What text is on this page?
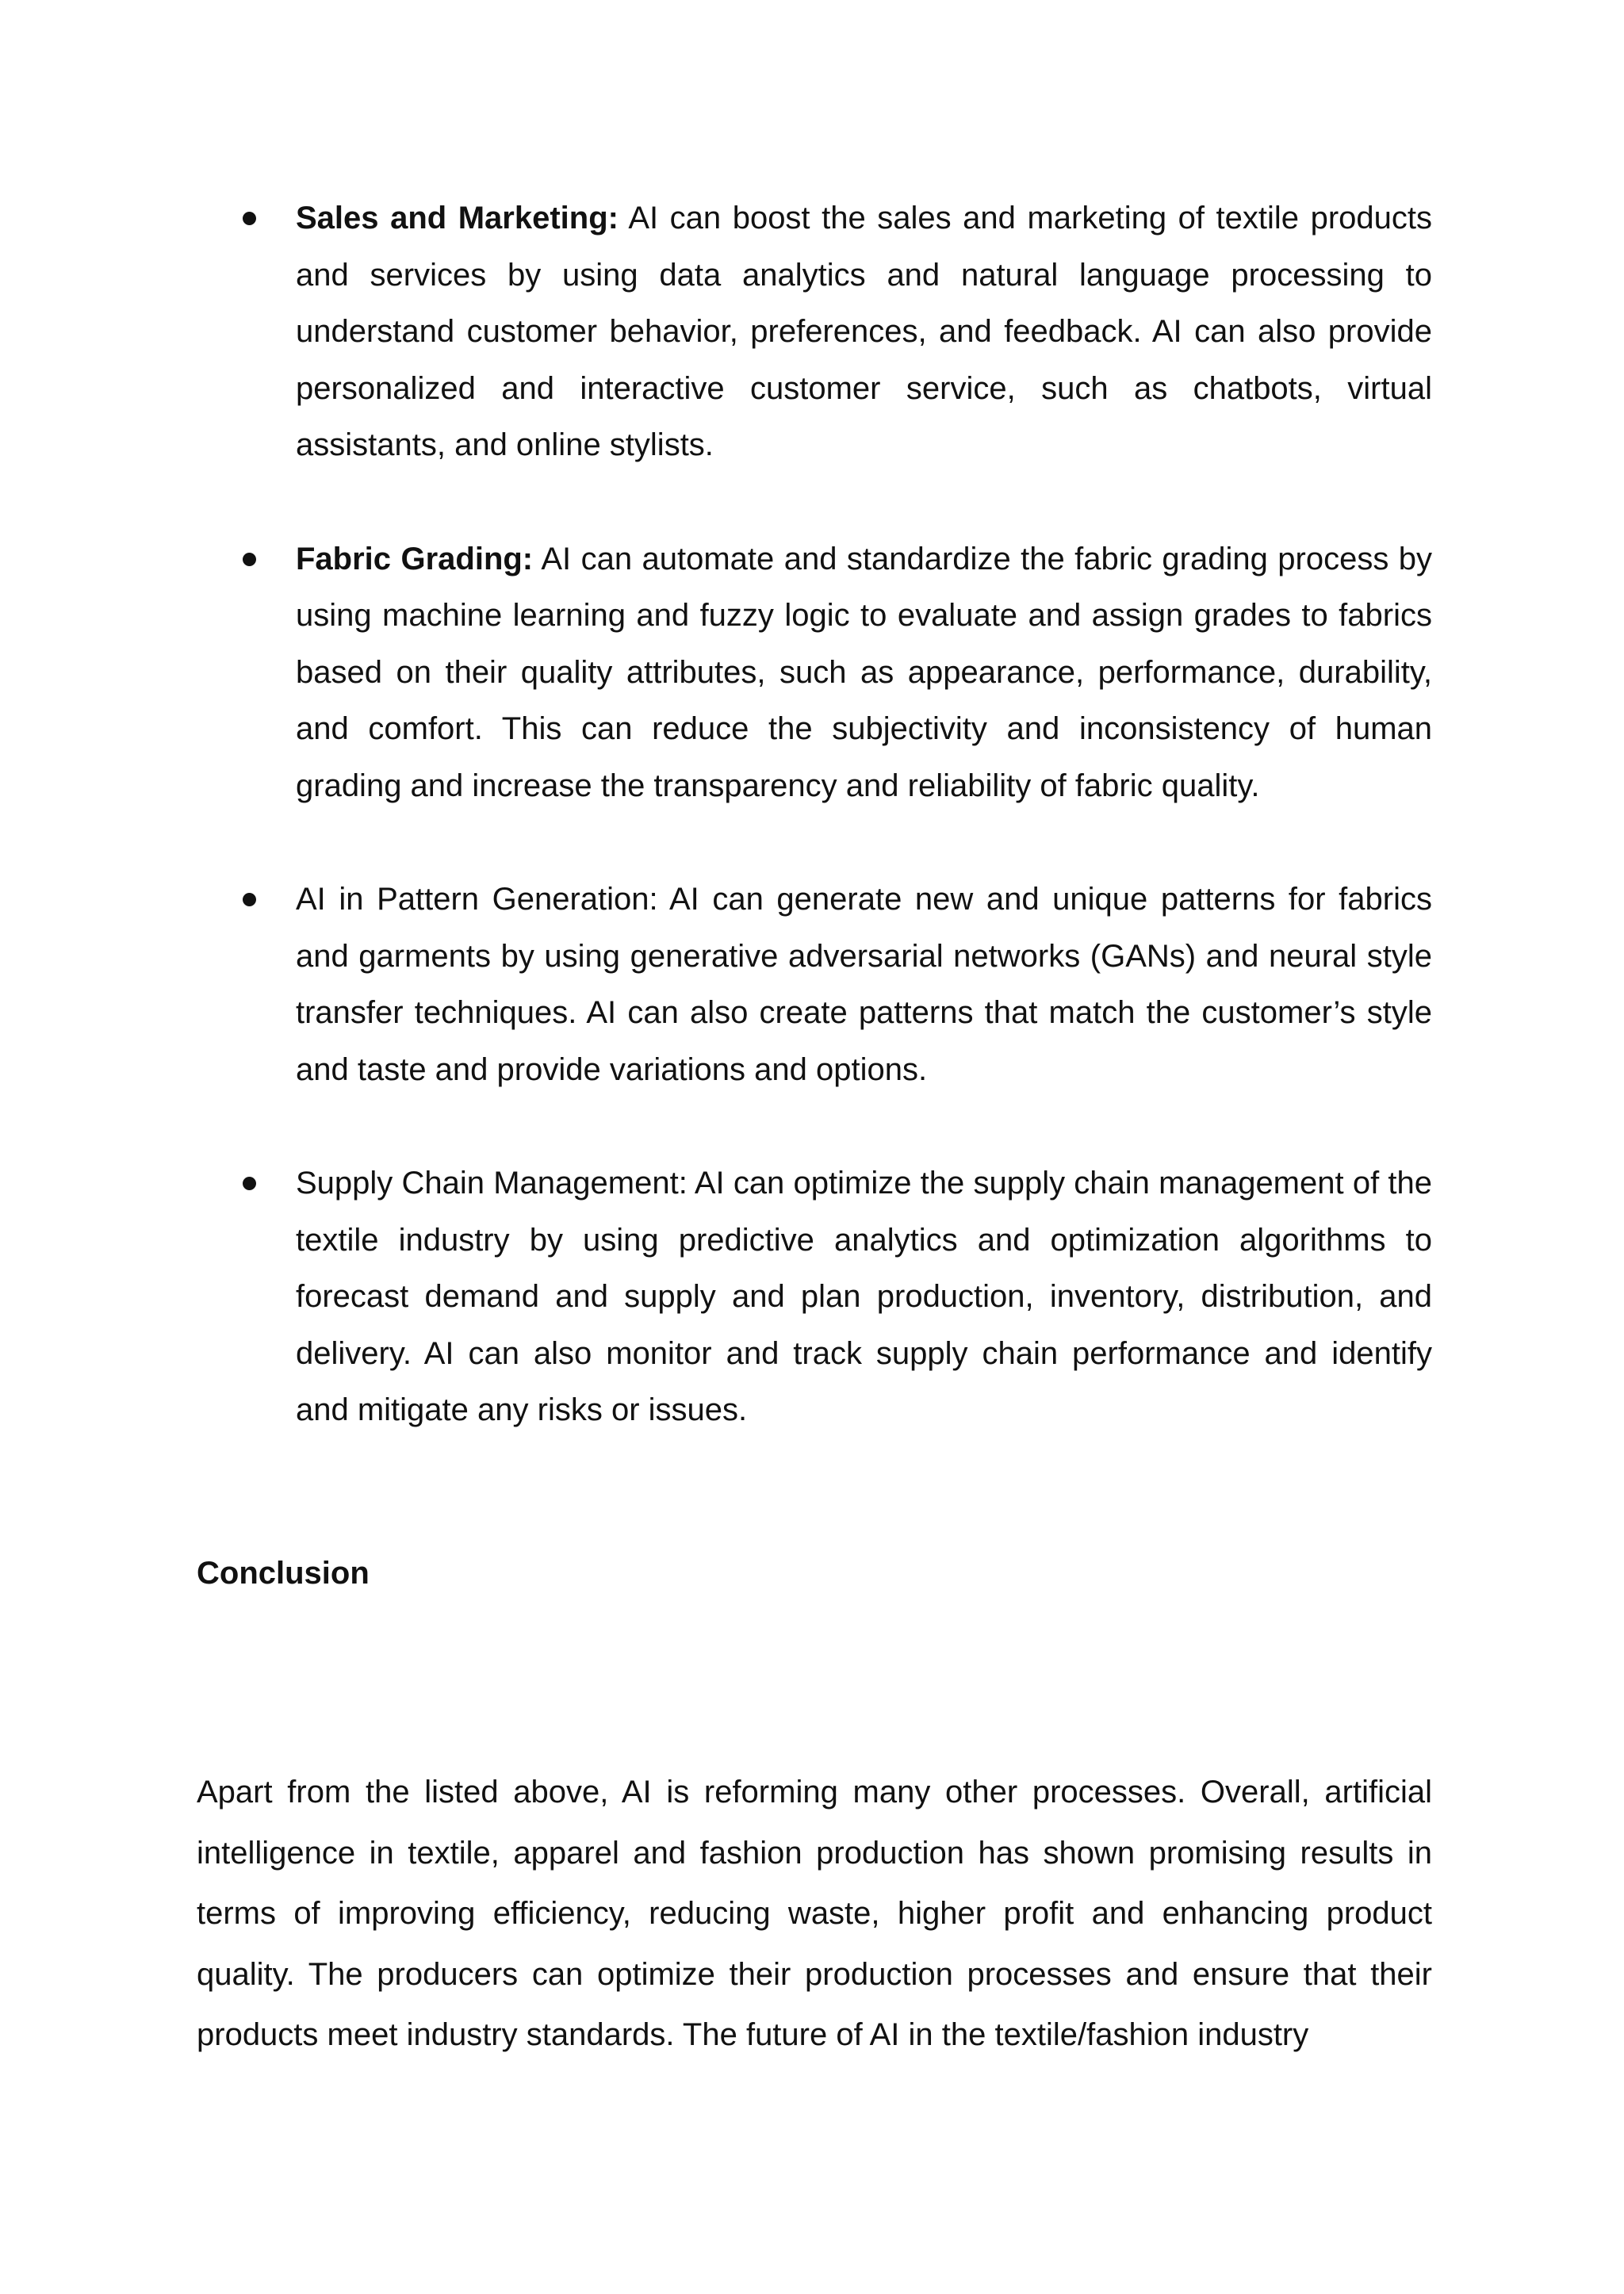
Sales and Marketing: AI can boost the sales and marketing of textile products and services by using data analytics and natural language processing to understand customer behavior, preferences, and feedback. AI can also provide personalized and interactive customer service, such as chatbots, virtual assistants, and online stylists.
Fabric Grading: AI can automate and standardize the fabric grading process by using machine learning and fuzzy logic to evaluate and assign grades to fabrics based on their quality attributes, such as appearance, performance, durability, and comfort. This can reduce the subjectivity and inconsistency of human grading and increase the transparency and reliability of fabric quality.
AI in Pattern Generation: AI can generate new and unique patterns for fabrics and garments by using generative adversarial networks (GANs) and neural style transfer techniques. AI can also create patterns that match the customer’s style and taste and provide variations and options.
Supply Chain Management: AI can optimize the supply chain management of the textile industry by using predictive analytics and optimization algorithms to forecast demand and supply and plan production, inventory, distribution, and delivery. AI can also monitor and track supply chain performance and identify and mitigate any risks or issues.
Conclusion

Apart from the listed above, AI is reforming many other processes. Overall, artificial intelligence in textile, apparel and fashion production has shown promising results in terms of improving efficiency, reducing waste, higher profit and enhancing product quality. The producers can optimize their production processes and ensure that their products meet industry standards. The future of AI in the textile/fashion industry
